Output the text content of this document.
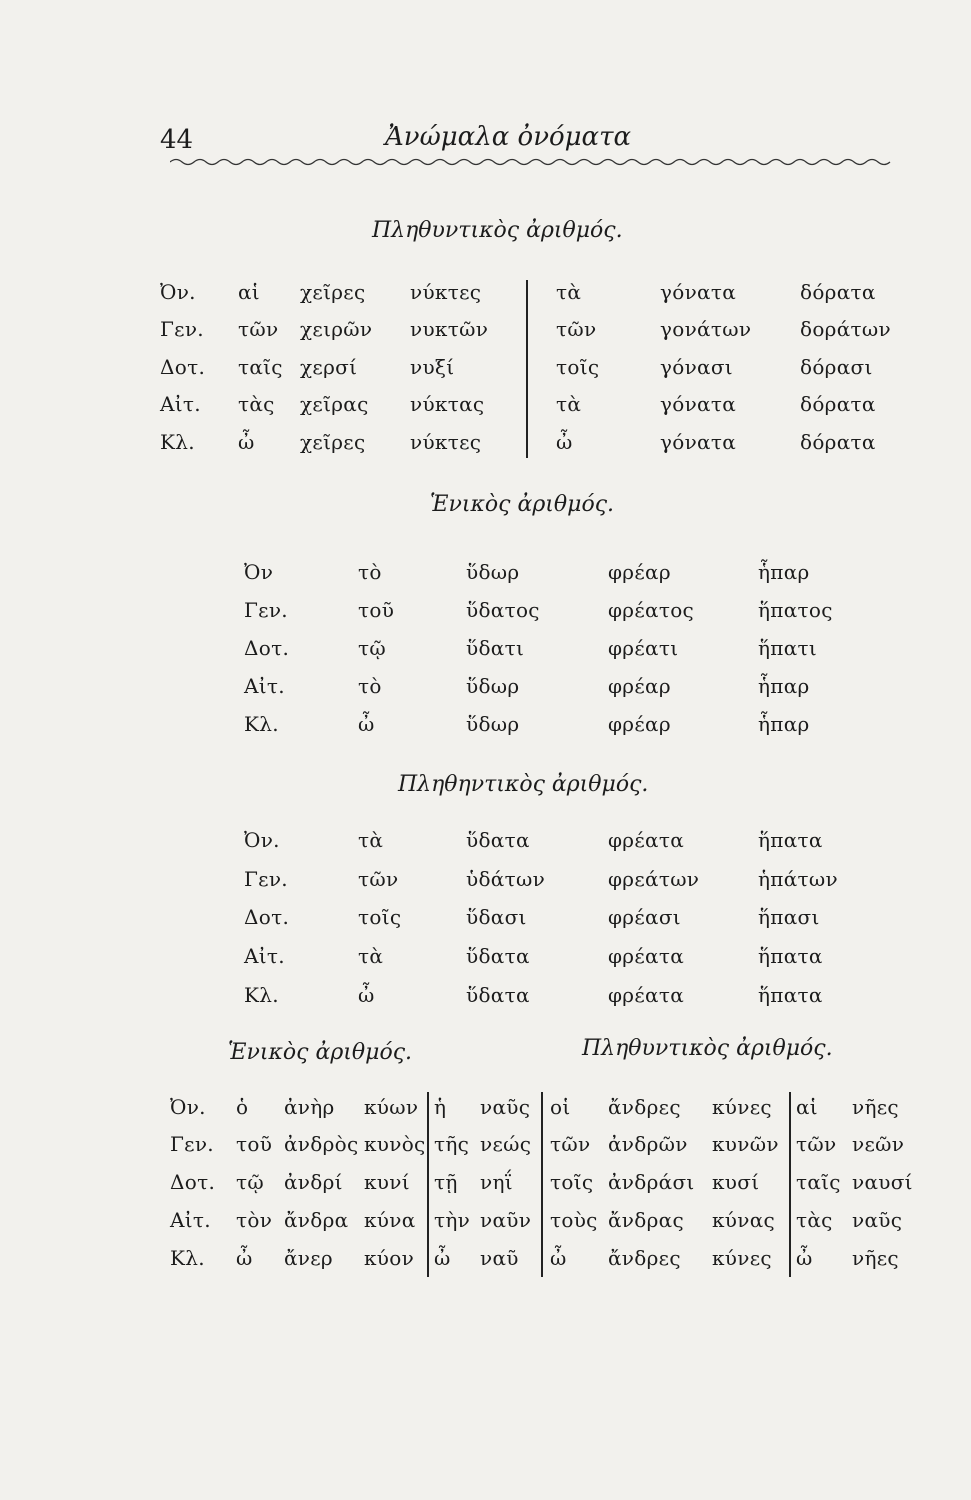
44	Ἀνώμαλα ὀνόματα
Πληθυντικὸς ἀριθμός.
Ὀν.
Γεν.
Δοτ.
Αἰτ.
Κλ.
αἱ
τῶν
ταῖς
τὰς
ὦ
χεῖρες
χειρῶν
χερσί
χεῖρας
χεῖρες
νύκτες
νυκτῶν
νυξί
νύκτας
νύκτες
τὰ
τῶν
τοῖς
τὰ
ὦ
γόνατα
γονάτων
γόνασι
γόνατα
γόνατα
δόρατα
δοράτων
δόρασι
δόρατα
δόρατα
Ἑνικὸς ἀριθμός.
Ὀν
Γεν.
Δοτ.
Αἰτ.
Κλ.
τὸ
τοῦ
τῷ
τὸ
ὦ
ὕδωρ
ὕδατος
ὕδατι
ὕδωρ
ὕδωρ
φρέαρ
φρέατος
φρέατι
φρέαρ
φρέαρ
ἧπαρ
ἥπατος
ἥπατι
ἧπαρ
ἧπαρ
Πληθηντικὸς ἀριθμός.
Ὀν.
Γεν.
Δοτ.
Αἰτ.
Κλ.
τὰ
τῶν
τοῖς
τὰ
ὦ
ὕδατα
ὑδάτων
ὕδασι
ὕδατα
ὕδατα
φρέατα
φρεάτων
φρέασι
φρέατα
φρέατα
ἥπατα
ἡπάτων
ἥπασι
ἥπατα
ἥπατα
Ἑνικὸς ἀριθμός.	Πληθυντικὸς ἀριθμός.
Ὀν.
Γεν.
Δοτ.
Αἰτ.
Κλ.
ὁ
τοῦ
τῷ
τὸν
ὦ
ἀνὴρ
ἀνδρὸς
ἀνδρί
ἄνδρα
ἄνερ
κύων
κυνὸς
κυνί
κύνα
κύον
ἡ
τῆς
τῇ
τὴν
ὦ
ναῦς
νεώς
νηΐ
ναῦν
ναῦ
οἱ
τῶν
τοῖς
τοὺς
ὦ
ἄνδρες
ἀνδρῶν
ἀνδράσι
ἄνδρας
ἄνδρες
κύνες
κυνῶν
κυσί
κύνας
κύνες
αἱ
τῶν
ταῖς
τὰς
ὦ
νῆες
νεῶν
ναυσί
ναῦς
νῆες
